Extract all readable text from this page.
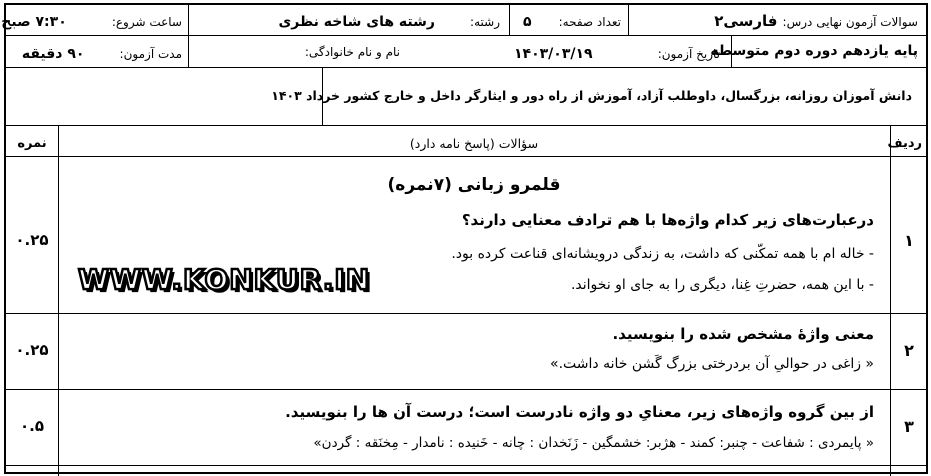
سوالات آزمون نهایی درس: فارسی۲
تعداد صفحه: ۵
رشته: رشته های شاخه نظری
ساعت شروع: ۷:۳۰ صبح
پایه یازدهم دوره دوم متوسطه
تاریخ آزمون: ۱۴۰۳/۰۳/۱۹
نام و نام خانوادگی:
مدت آزمون: ۹۰ دقیقه
دانش آموزان روزانه، بزرگسال، داوطلب آزاد، آموزش از راه دور و ایثارگر داخل و خارج کشور خرداد ۱۴۰۳
ردیف
سؤالات (پاسخ نامه دارد)
نمره
قلمرو زبانی (۷نمره)
۱
۰.۲۵
درعبارت‌های زیر کدام واژه‌ها با هم ترادف معنایی دارند؟
- خاله ام با همه تمکّنی که داشت، به زندگی درویشانه‌ای قناعت کرده بود.
- با این همه، حضرتِ غِنا، دیگری را به جای او نخواند.
۲
۰.۲۵
معنی واژهٔ مشخص شده را بنویسید.
« زاغی در حوالیِ آن بردرختی بزرگ گَشن خانه داشت.»
۳
۰.۵
از بین گروه واژه‌های زیر، معنایِ دو واژه نادرست است؛ درست آن ها را بنویسید.
« پایمردی : شفاعت - چنبر: کمند - هژبر: خشمگین - زَنَخدان : چانه - خَنیده : نامدار - مِخنَقه : گردن»
WWW.KONKUR.IN
